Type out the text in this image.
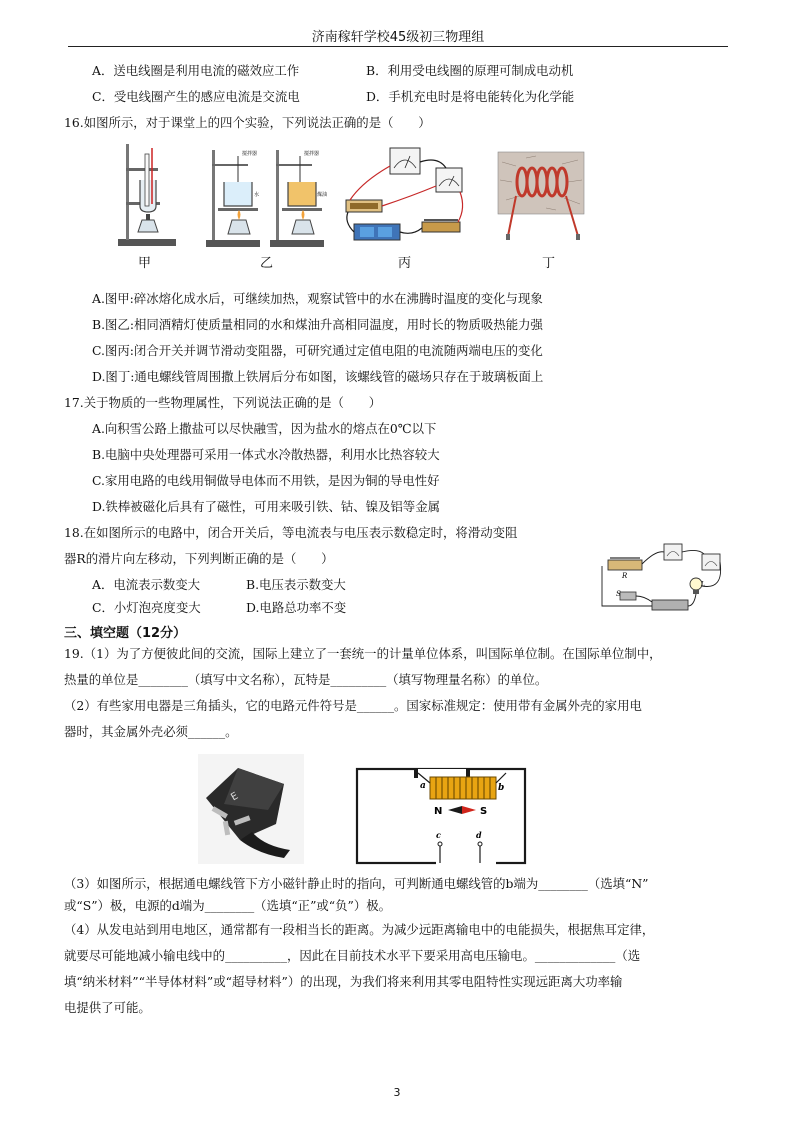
济南稼轩学校45级初三物理组
A．送电线圈是利用电流的磁效应工作	B．利用受电线圈的原理可制成电动机
C．受电线圈产生的感应电流是交流电	D．手机充电时是将电能转化为化学能
16.如图所示，对于课堂上的四个实验，下列说法正确的是（　　）
甲
搅拌器	搅拌器
水	煤油
乙	丙	丁
A.图甲:碎冰熔化成水后，可继续加热，观察试管中的水在沸腾时温度的变化与现象
B.图乙:相同酒精灯使质量相同的水和煤油升高相同温度，用时长的物质吸热能力强
C.图丙:闭合开关并调节滑动变阻器，可研究通过定值电阻的电流随两端电压的变化
D.图丁:通电螺线管周围撒上铁屑后分布如图，该螺线管的磁场只存在于玻璃板面上
17.关于物质的一些物理属性，下列说法正确的是（　　）
A.向积雪公路上撒盐可以尽快融雪，因为盐水的熔点在0℃以下
B.电脑中央处理器可采用一体式水冷散热器，利用水比热容较大
C.家用电路的电线用铜做导电体而不用铁，是因为铜的导电性好
D.铁棒被磁化后具有了磁性，可用来吸引铁、钴、镍及铝等金属
18.在如图所示的电路中，闭合开关后，等电流表与电压表示数稳定时，将滑动变阻
器R的滑片向左移动，下列判断正确的是（　　）
A．电流表示数变大	B.电压表示数变大
C．小灯泡亮度变大	D.电路总功率不变
R
S
L
三、填空题（12分）
19.（1）为了方便彼此间的交流，国际上建立了一套统一的计量单位体系，叫国际单位制。在国际单位制中，
热量的单位是________（填写中文名称），瓦特是_________（填写物理量名称）的单位。
（2）有些家用电器是三角插头，它的电路元件符号是______。国家标准规定：使用带有金属外壳的家用电
器时，其金属外壳必须______。
E
a	b
N	S
c	d
（3）如图所示，根据通电螺线管下方小磁针静止时的指向，可判断通电螺线管的b端为________（选填“N”
或“S”）极，电源的d端为________（选填“正”或“负”）极。
（4）从发电站到用电地区，通常都有一段相当长的距离。为减少远距离输电中的电能损失，根据焦耳定律，
就要尽可能地减小输电线中的__________，因此在目前技术水平下要采用高电压输电。_____________（选
填“纳米材料”“半导体材料”或“超导材料”）的出现，为我们将来利用其零电阻特性实现远距离大功率输
电提供了可能。
3
